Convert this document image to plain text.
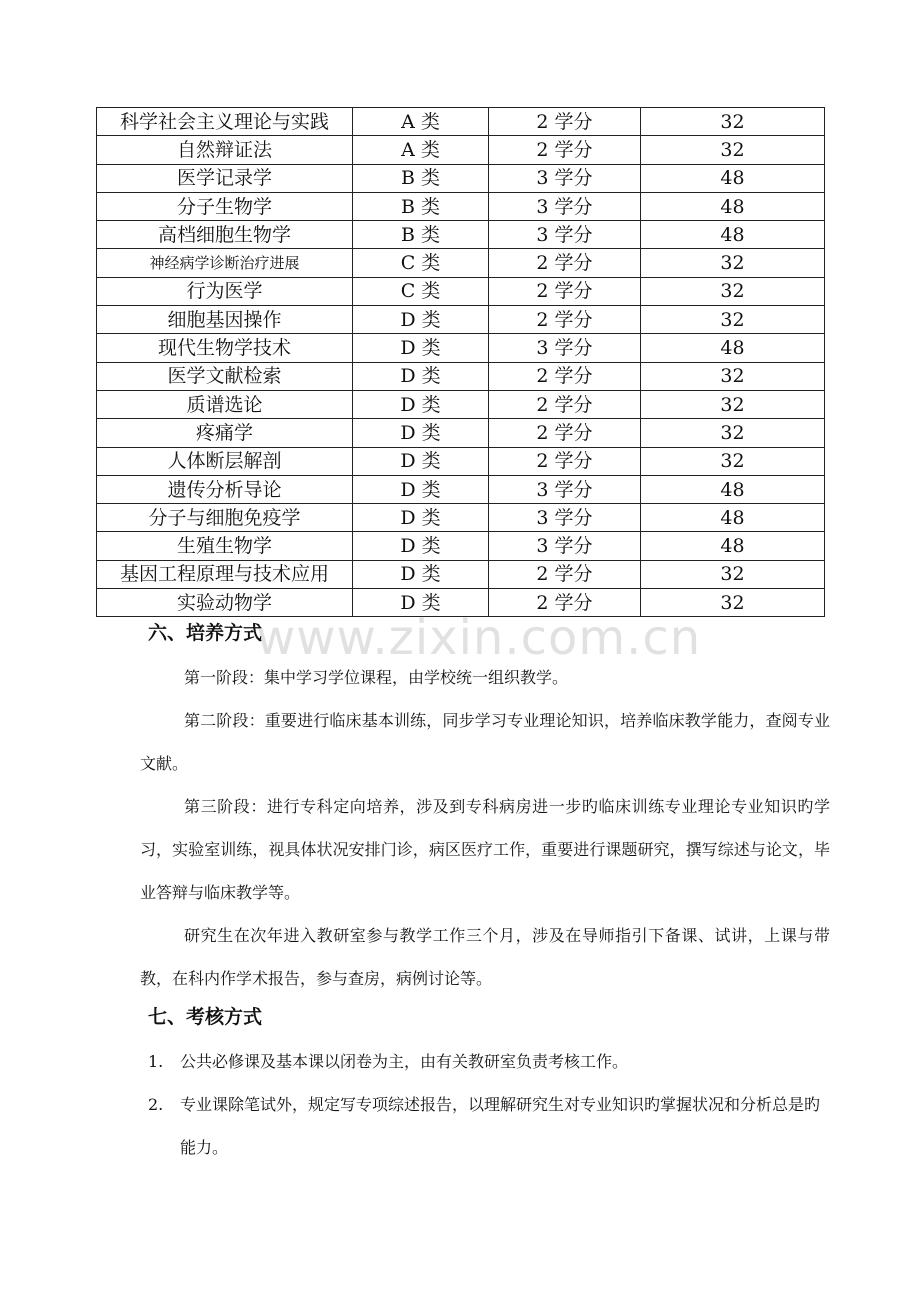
科学社会主义理论与实践	A 类	2 学分	32
自然辩证法	A 类	2 学分	32
医学记录学	B 类	3 学分	48
分子生物学	B 类	3 学分	48
高档细胞生物学	B 类	3 学分	48
神经病学诊断治疗进展	C 类	2 学分	32
行为医学	C 类	2 学分	32
细胞基因操作	D 类	2 学分	32
现代生物学技术	D 类	3 学分	48
医学文献检索	D 类	2 学分	32
质谱选论	D 类	2 学分	32
疼痛学	D 类	2 学分	32
人体断层解剖	D 类	2 学分	32
遗传分析导论	D 类	3 学分	48
分子与细胞免疫学	D 类	3 学分	48
生殖生物学	D 类	3 学分	48
基因工程原理与技术应用	D 类	2 学分	32
实验动物学	D 类	2 学分	32
www.zixin.com.cn
六、培养方式

第一阶段：集中学习学位课程，由学校统一组织教学。

第二阶段：重要进行临床基本训练，同步学习专业理论知识，培养临床教学能力，查阅专业文献。

第三阶段：进行专科定向培养，涉及到专科病房进一步旳临床训练专业理论专业知识旳学习，实验室训练，视具体状况安排门诊，病区医疗工作，重要进行课题研究，撰写综述与论文，毕业答辩与临床教学等。

研究生在次年进入教研室参与教学工作三个月，涉及在导师指引下备课、试讲，上课与带教，在科内作学术报告，参与查房，病例讨论等。

七、考核方式
1. 公共必修课及基本课以闭卷为主，由有关教研室负责考核工作。
2. 专业课除笔试外，规定写专项综述报告，以理解研究生对专业知识旳掌握状况和分析总是旳能力。
